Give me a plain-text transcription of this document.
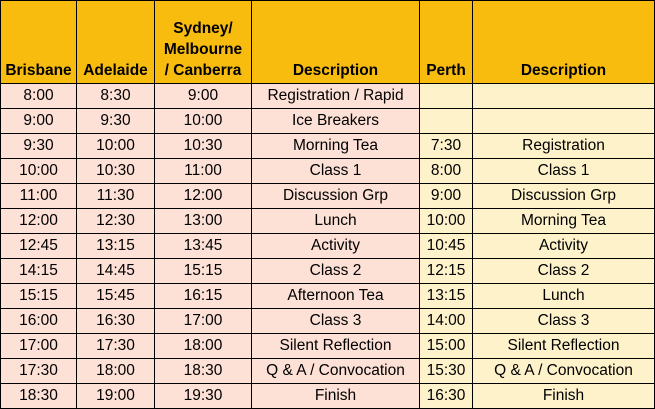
Brisbane	Adelaide	Sydney/
Melbourne
/ Canberra	Description	Perth	Description
8:00	8:30	9:00	Registration / Rapid		
9:00	9:30	10:00	Ice Breakers		
9:30	10:00	10:30	Morning Tea	7:30	Registration
10:00	10:30	11:00	Class 1	8:00	Class 1
11:00	11:30	12:00	Discussion Grp	9:00	Discussion Grp
12:00	12:30	13:00	Lunch	10:00	Morning Tea
12:45	13:15	13:45	Activity	10:45	Activity
14:15	14:45	15:15	Class 2	12:15	Class 2
15:15	15:45	16:15	Afternoon Tea	13:15	Lunch
16:00	16:30	17:00	Class 3	14:00	Class 3
17:00	17:30	18:00	Silent Reflection	15:00	Silent Reflection
17:30	18:00	18:30	Q & A / Convocation	15:30	Q & A / Convocation
18:30	19:00	19:30	Finish	16:30	Finish
